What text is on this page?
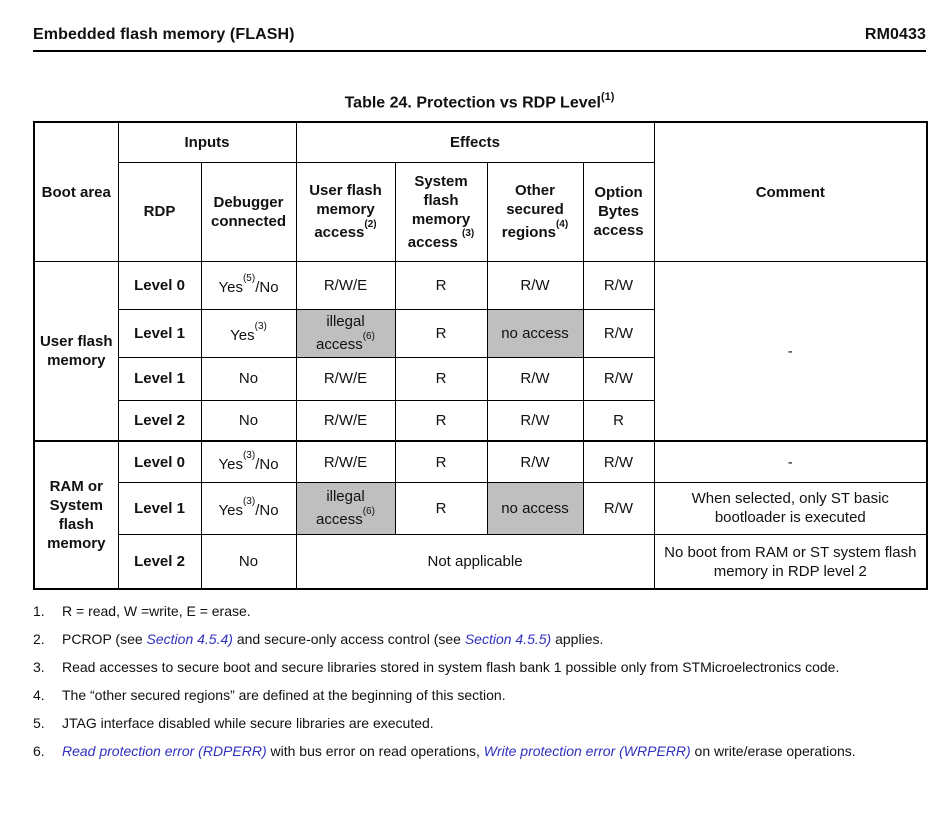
Embedded flash memory (FLASH)	RM0433
Table 24. Protection vs RDP Level$^{(1)}$
Boot area	Inputs		Effects				Comment
	RDP	Debugger connected	User flash memory access$^{(2)}$	System flash memory access $^{(3)}$	Other secured regions$^{(4)}$	Option Bytes access	
User flash memory	Level 0	Yes$^{(5)}$/No	R/W/E	R	R/W	R/W	-
	Level 1	Yes$^{(3)}$	illegal access$^{(6)}$	R	no access	R/W	
	Level 1	No	R/W/E	R	R/W	R/W	
	Level 2	No	R/W/E	R	R/W	R	
RAM or System flash memory	Level 0	Yes$^{(3)}$/No	R/W/E	R	R/W	R/W	-
	Level 1	Yes$^{(3)}$/No	illegal access$^{(6)}$	R	no access	R/W	When selected, only ST basic bootloader is executed
	Level 2	No	Not applicable				No boot from RAM or ST system flash memory in RDP level 2
1.	R = read, W =write, E = erase.
2.	PCROP (see Section 4.5.4) and secure-only access control (see Section 4.5.5) applies.
3.	Read accesses to secure boot and secure libraries stored in system flash bank 1 possible only from STMicroelectronics code.
4.	The “other secured regions” are defined at the beginning of this section.
5.	JTAG interface disabled while secure libraries are executed.
6.	Read protection error (RDPERR) with bus error on read operations, Write protection error (WRPERR) on write/erase operations.
